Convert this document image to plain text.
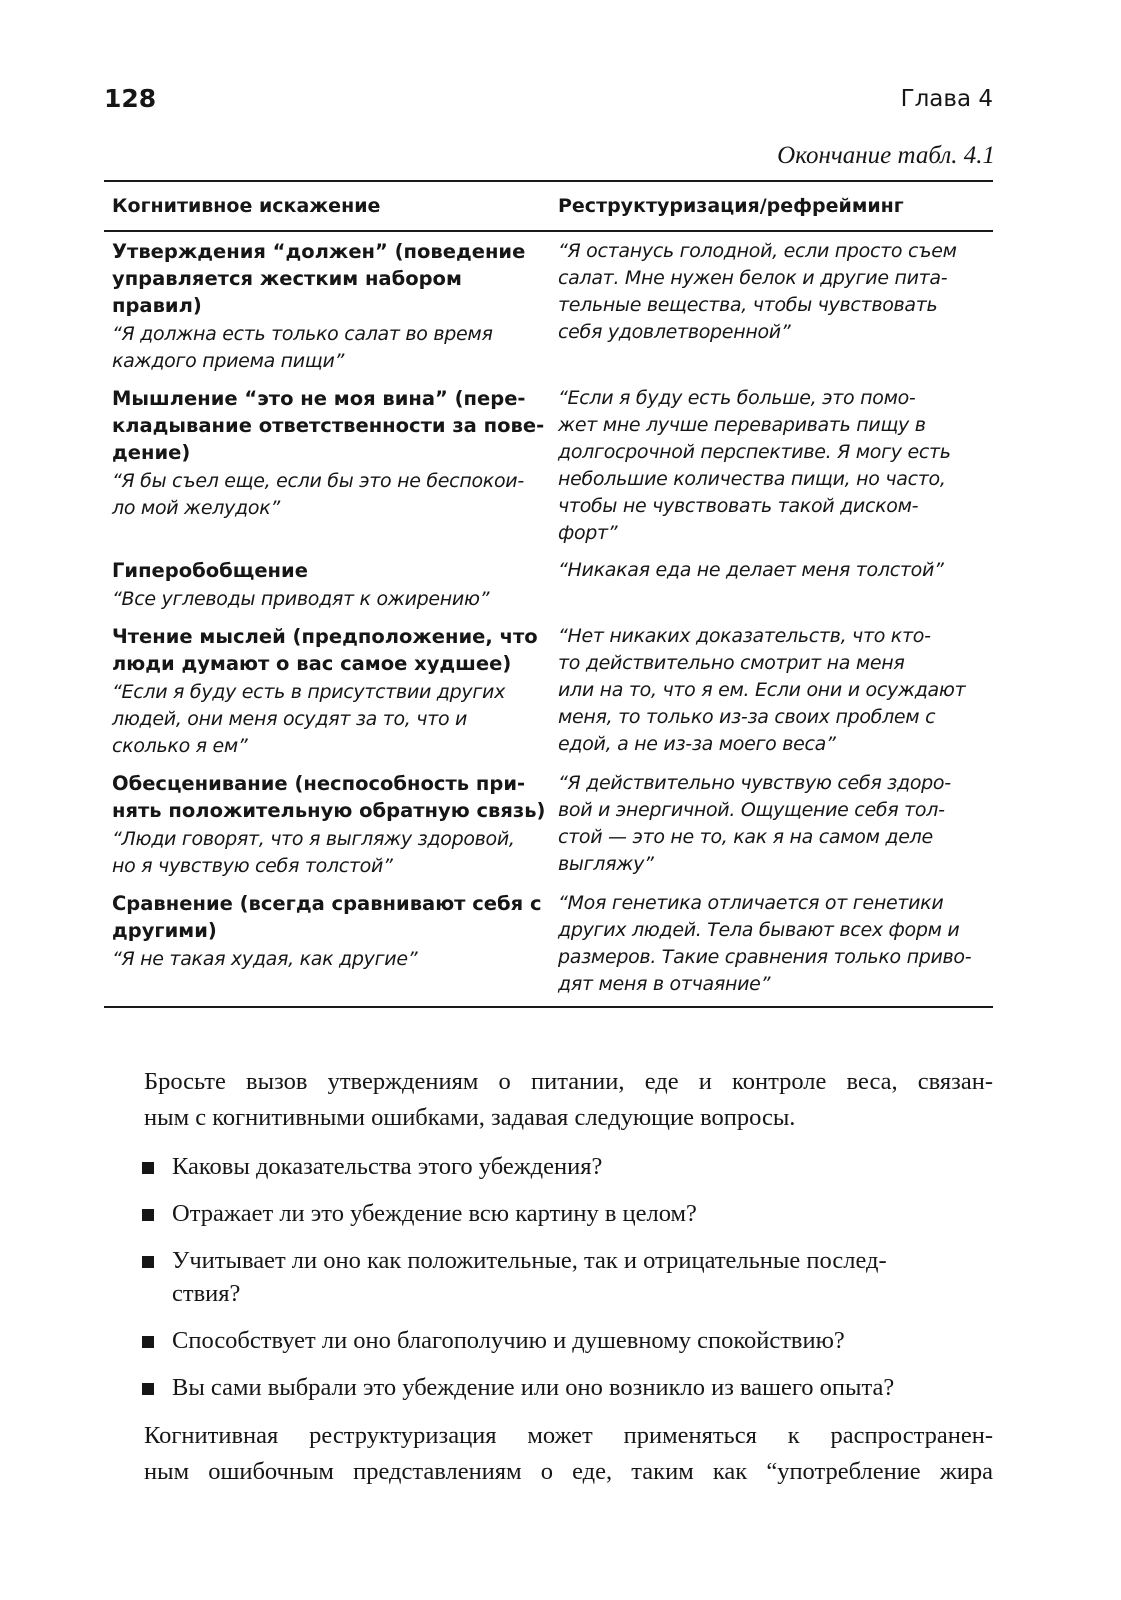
128	Глава 4
Окончание табл. 4.1
Когнитивное искажение	Реструктуризация/рефрейминг

Утверждения “должен” (поведение
управляется жестким набором
правил)

“Я должна есть только салат во время
каждого приема пищи”

“Я останусь голодной, если просто съем
салат. Мне нужен белок и другие пита-
тельные вещества, чтобы чувствовать
себя удовлетворенной”

Мышление “это не моя вина” (пере-
кладывание ответственности за пове-
дение)

“Я бы съел еще, если бы это не беспокои-
ло мой желудок”

“Если я буду есть больше, это помо-
жет мне лучше переваривать пищу в
долгосрочной перспективе. Я могу есть
небольшие количества пищи, но часто,
чтобы не чувствовать такой диском-
форт”

Гиперобобщение

“Все углеводы приводят к ожирению”

“Никакая еда не делает меня толстой”

Чтение мыслей (предположение, что
люди думают о вас самое худшее)

“Если я буду есть в присутствии других
людей, они меня осудят за то, что и
сколько я ем”

“Нет никаких доказательств, что кто-
то действительно смотрит на меня
или на то, что я ем. Если они и осуждают
меня, то только из-за своих проблем с
едой, а не из-за моего веса”

Обесценивание (неспособность при-
нять положительную обратную связь)

“Люди говорят, что я выгляжу здоровой,
но я чувствую себя толстой”

“Я действительно чувствую себя здоро-
вой и энергичной. Ощущение себя тол-
стой — это не то, как я на самом деле
выгляжу”

Сравнение (всегда сравнивают себя с
другими)

“Я не такая худая, как другие”

“Моя генетика отличается от генетики
других людей. Тела бывают всех форм и
размеров. Такие сравнения только приво-
дят меня в отчаяние”

Бросьте вызов утверждениям о питании, еде и контроле веса, связан-
ным с когнитивными ошибками, задавая следующие вопросы.

Каковы доказательства этого убеждения?
Отражает ли это убеждение всю картину в целом?
Учитывает ли оно как положительные, так и отрицательные послед-
ствия?
Способствует ли оно благополучию и душевному спокойствию?
Вы сами выбрали это убеждение или оно возникло из вашего опыта?

Когнитивная реструктуризация может применяться к распространен-
ным ошибочным представлениям о еде, таким как “употребление жира
